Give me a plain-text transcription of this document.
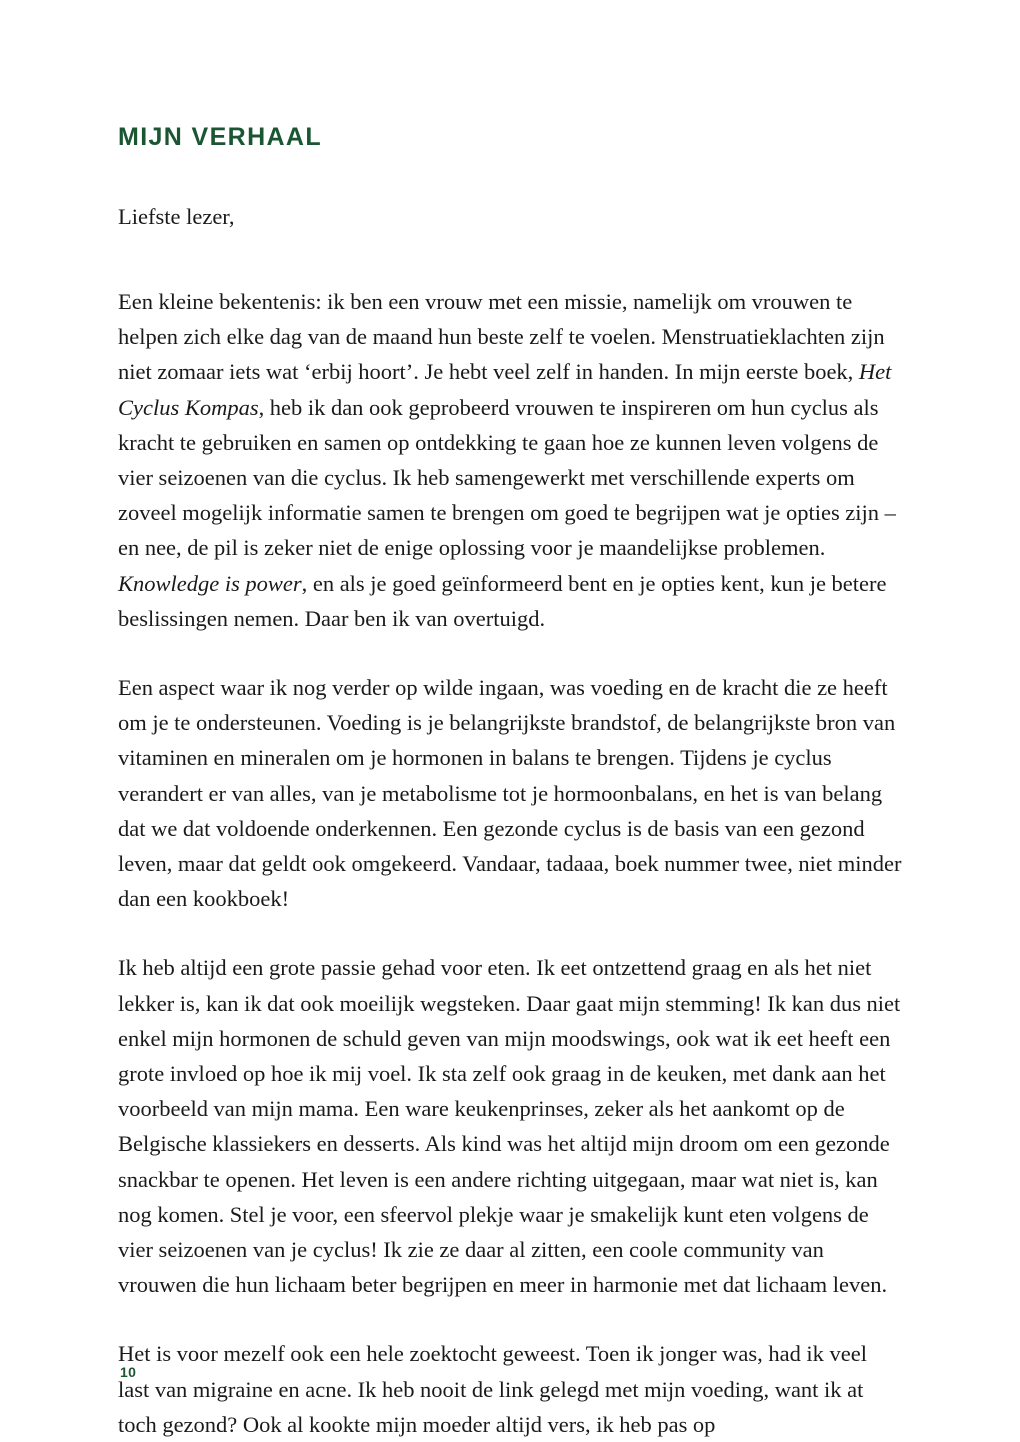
MIJN VERHAAL

Liefste lezer,

Een kleine bekentenis: ik ben een vrouw met een missie, namelijk om vrouwen te helpen zich elke dag van de maand hun beste zelf te voelen. Menstruatieklachten zijn niet zomaar iets wat ‘erbij hoort’. Je hebt veel zelf in handen. In mijn eerste boek, Het Cyclus Kompas, heb ik dan ook geprobeerd vrouwen te inspireren om hun cyclus als kracht te gebruiken en samen op ontdekking te gaan hoe ze kunnen leven volgens de vier seizoenen van die cyclus. Ik heb samengewerkt met verschillende experts om zoveel mogelijk informatie samen te brengen om goed te begrijpen wat je opties zijn – en nee, de pil is zeker niet de enige oplossing voor je maandelijkse problemen. Knowledge is power, en als je goed geïnformeerd bent en je opties kent, kun je betere beslissingen nemen. Daar ben ik van overtuigd.

Een aspect waar ik nog verder op wilde ingaan, was voeding en de kracht die ze heeft om je te ondersteunen. Voeding is je belangrijkste brandstof, de belangrijkste bron van vitaminen en mineralen om je hormonen in balans te brengen. Tijdens je cyclus verandert er van alles, van je metabolisme tot je hormoonbalans, en het is van belang dat we dat voldoende onderkennen. Een gezonde cyclus is de basis van een gezond leven, maar dat geldt ook omgekeerd. Vandaar, tadaaa, boek nummer twee, niet minder dan een kookboek!

Ik heb altijd een grote passie gehad voor eten. Ik eet ontzettend graag en als het niet lekker is, kan ik dat ook moeilijk wegsteken. Daar gaat mijn stemming! Ik kan dus niet enkel mijn hormonen de schuld geven van mijn moodswings, ook wat ik eet heeft een grote invloed op hoe ik mij voel. Ik sta zelf ook graag in de keuken, met dank aan het voorbeeld van mijn mama. Een ware keukenprinses, zeker als het aankomt op de Belgische klassiekers en desserts. Als kind was het altijd mijn droom om een gezonde snackbar te openen. Het leven is een andere richting uitgegaan, maar wat niet is, kan nog komen. Stel je voor, een sfeervol plekje waar je smakelijk kunt eten volgens de vier seizoenen van je cyclus! Ik zie ze daar al zitten, een coole community van vrouwen die hun lichaam beter begrijpen en meer in harmonie met dat lichaam leven.

Het is voor mezelf ook een hele zoektocht geweest. Toen ik jonger was, had ik veel last van migraine en acne. Ik heb nooit de link gelegd met mijn voeding, want ik at toch gezond? Ook al kookte mijn moeder altijd vers, ik heb pas op

10
